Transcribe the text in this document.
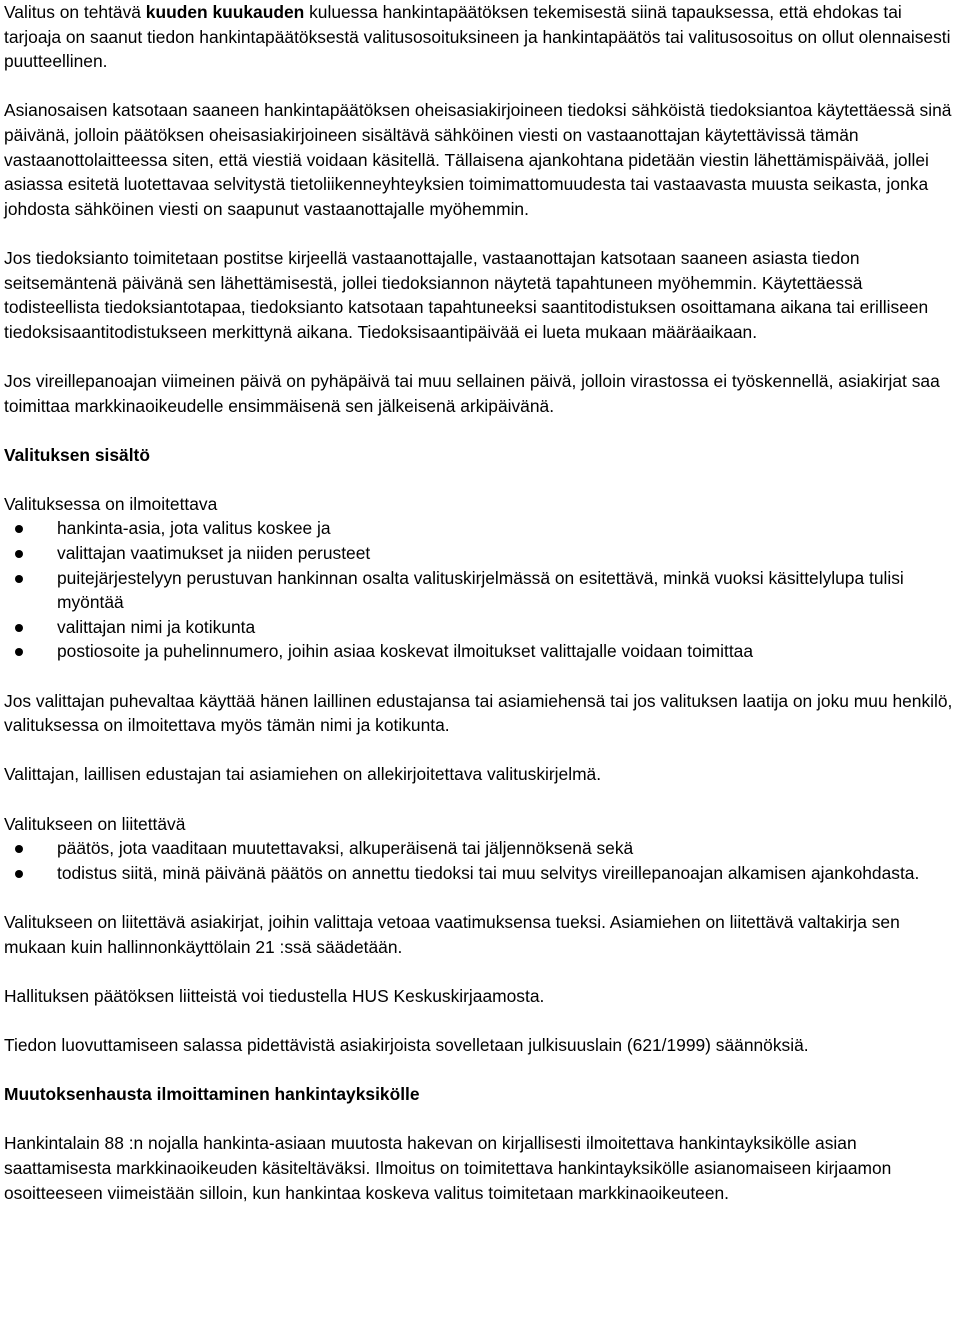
Valitus on tehtävä kuuden kuukauden kuluessa hankintapäätöksen tekemisestä siinä tapauksessa, että ehdokas tai tarjoaja on saanut tiedon hankintapäätöksestä valitusosoituksineen ja hankintapäätös tai valitusosoitus on ollut olennaisesti puutteellinen.

Asianosaisen katsotaan saaneen hankintapäätöksen oheisasiakirjoineen tiedoksi sähköistä tiedoksiantoa käytettäessä sinä päivänä, jolloin päätöksen oheisasiakirjoineen sisältävä sähköinen viesti on vastaanottajan käytettävissä tämän vastaanottolaitteessa siten, että viestiä voidaan käsitellä. Tällaisena ajankohtana pidetään viestin lähettämispäivää, jollei asiassa esitetä luotettavaa selvitystä tietoliikenneyhteyksien toimimattomuudesta tai vastaavasta muusta seikasta, jonka johdosta sähköinen viesti on saapunut vastaanottajalle myöhemmin.

Jos tiedoksianto toimitetaan postitse kirjeellä vastaanottajalle, vastaanottajan katsotaan saaneen asiasta tiedon seitsemäntenä päivänä sen lähettämisestä, jollei tiedoksiannon näytetä tapahtuneen myöhemmin. Käytettäessä todisteellista tiedoksiantotapaa, tiedoksianto katsotaan tapahtuneeksi saantitodistuksen osoittamana aikana tai erilliseen tiedoksisaantitodistukseen merkittynä aikana. Tiedoksisaantipäivää ei lueta mukaan määräaikaan.

Jos vireillepanoajan viimeinen päivä on pyhäpäivä tai muu sellainen päivä, jolloin virastossa ei työskennellä, asiakirjat saa toimittaa markkinaoikeudelle ensimmäisenä sen jälkeisenä arkipäivänä.

Valituksen sisältö

Valituksessa on ilmoitettava

hankinta-asia, jota valitus koskee ja
valittajan vaatimukset ja niiden perusteet
puitejärjestelyyn perustuvan hankinnan osalta valituskirjelmässä on esitettävä, minkä vuoksi käsittelylupa tulisi myöntää
valittajan nimi ja kotikunta
postiosoite ja puhelinnumero, joihin asiaa koskevat ilmoitukset valittajalle voidaan toimittaa

Jos valittajan puhevaltaa käyttää hänen laillinen edustajansa tai asiamiehensä tai jos valituksen laatija on joku muu henkilö, valituksessa on ilmoitettava myös tämän nimi ja kotikunta.

Valittajan, laillisen edustajan tai asiamiehen on allekirjoitettava valituskirjelmä.

Valitukseen on liitettävä

päätös, jota vaaditaan muutettavaksi, alkuperäisenä tai jäljennöksenä sekä
todistus siitä, minä päivänä päätös on annettu tiedoksi tai muu selvitys vireillepanoajan alkamisen ajankohdasta.

Valitukseen on liitettävä asiakirjat, joihin valittaja vetoaa vaatimuksensa tueksi. Asiamiehen on liitettävä valtakirja sen mukaan kuin hallinnonkäyttölain 21 :ssä säädetään.

Hallituksen päätöksen liitteistä voi tiedustella HUS Keskuskirjaamosta.

Tiedon luovuttamiseen salassa pidettävistä asiakirjoista sovelletaan julkisuuslain (621/1999) säännöksiä.

Muutoksenhausta ilmoittaminen hankintayksikölle

Hankintalain 88 :n nojalla hankinta-asiaan muutosta hakevan on kirjallisesti ilmoitettava hankintayksikölle asian saattamisesta markkinaoikeuden käsiteltäväksi. Ilmoitus on toimitettava hankintayksikölle asianomaiseen kirjaamon osoitteeseen viimeistään silloin, kun hankintaa koskeva valitus toimitetaan markkinaoikeuteen.
